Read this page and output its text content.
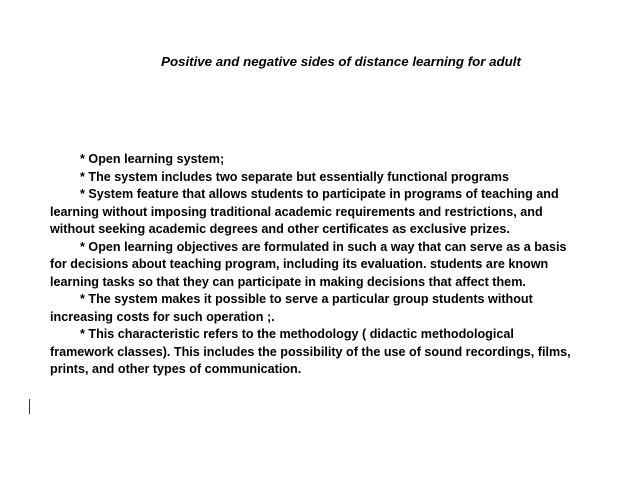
Positive and negative sides of distance learning for adult
* Open learning system;
* The system includes two separate but essentially functional programs
* System feature that allows students to participate in programs of teaching and
learning without imposing traditional academic requirements and restrictions, and
without seeking academic degrees and other certificates as exclusive prizes.
* Open learning objectives are formulated in such a way that can serve as a basis
for decisions about teaching program, including its evaluation. students are known
learning tasks so that they can participate in making decisions that affect them.
* The system makes it possible to serve a particular group students without
increasing costs for such operation ;.
* This characteristic refers to the methodology ( didactic methodological
framework classes). This includes the possibility of the use of sound recordings, films,
prints, and other types of communication.
